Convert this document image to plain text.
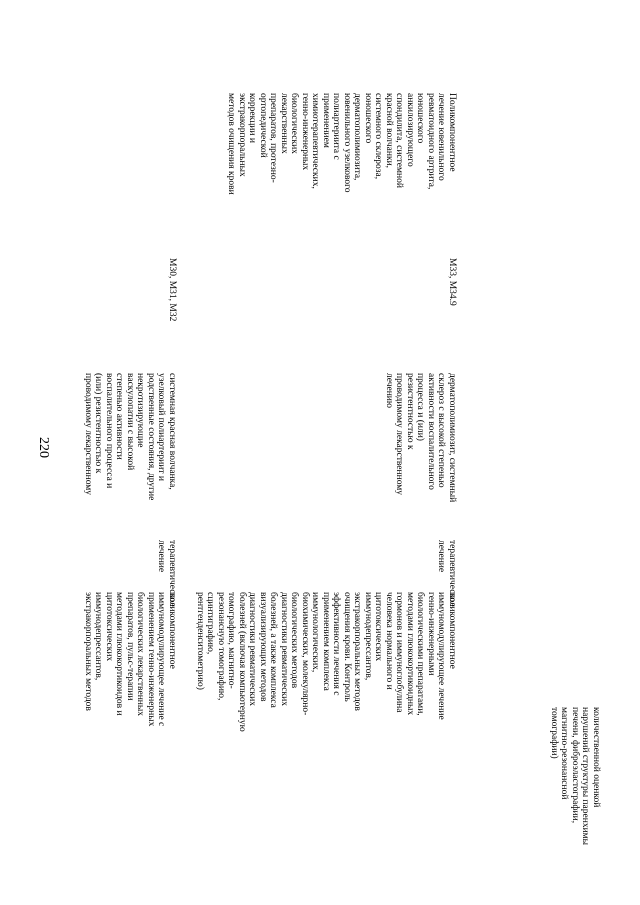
220
количественной оценкой
нарушений структуры паренхимы
печени, фиброэластографии,
магнитно-резонансной
томографии)
Поликомпонентное
лечение ювенильного
ревматоидного артрита,
юношеского
анкилозирующего
спондилита, системной
красной волчанки,
системного склероза,
юношеского
дерматополимиозита,
ювенильного узелкового
полиартериита с
применением
химиотерапевтических,
генно-инженерных
биологических
лекарственных
препаратов, протезно-
ортопедической
коррекции и
экстракорпоральных
методов очищения крови
M33, M34.9
дерматополимиозит, системный
склероз с высокой степенью
активности воспалительного
процесса и (или)
резистентностью к
проводимому лекарственному
лечению
терапевтическое
лечение
поликомпонентное
иммуномодулирующее лечение
генно-инженерными
биологическими препаратами,
методами глюкокортикоидных
гормонов и иммуноглобулина
человека нормального и
цитотоксических
иммунодепрессантов,
экстракорпоральных методов
очищения крови. Контроль
эффективности лечения с
применением комплекса
иммунологических,
биохимических, молекулярно-
биологических методов
диагностики ревматических
болезней, а также комплекса
визуализирующих методов
диагностики ревматических
болезней (включая компьютерную
томографию, магнитно-
резонансную томографию,
сцинтиграфию,
рентгенденситометрию)
M30, M31, M32
системная красная волчанка,
узелковый полиартериит и
родственные состояния, другие
некротизирующие
васкулопатии с высокой
степенью активности
воспалительного процесса и
(или) резистентностью к
проводимому лекарственному
терапевтическое
лечение
поликомпонентное
иммуномодулирующее лечение с
применением генно-инженерных
биологических лекарственных
препаратов, пульс-терапии
методами глюкокортикоидов и
цитотоксических
иммунодепрессантов,
экстракорпоральных методов
